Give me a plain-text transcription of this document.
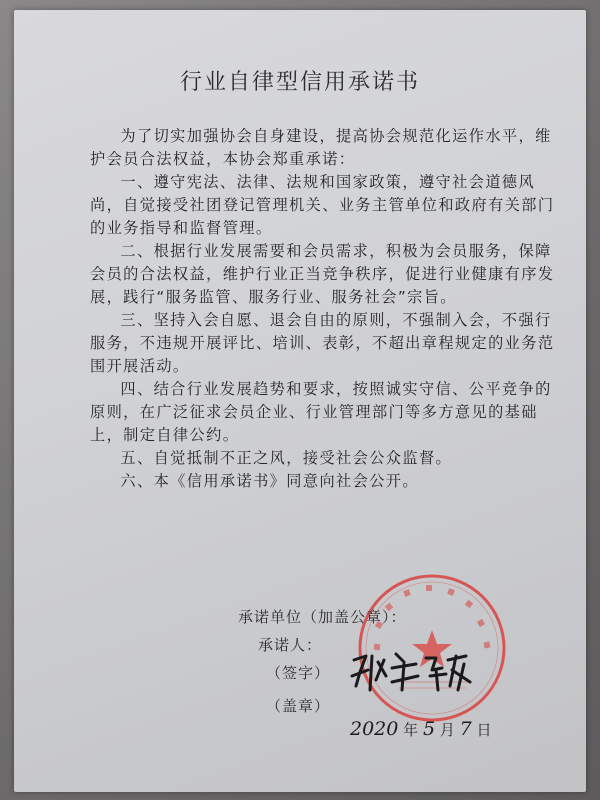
行业自律型信用承诺书

为了切实加强协会自身建设，提高协会规范化运作水平，维护会员合法权益，本协会郑重承诺：

一、遵守宪法、法律、法规和国家政策，遵守社会道德风尚，自觉接受社团登记管理机关、业务主管单位和政府有关部门的业务指导和监督管理。

二、根据行业发展需要和会员需求，积极为会员服务，保障会员的合法权益，维护行业正当竞争秩序，促进行业健康有序发展，践行“服务监管、服务行业、服务社会”宗旨。

三、坚持入会自愿、退会自由的原则，不强制入会，不强行服务，不违规开展评比、培训、表彰，不超出章程规定的业务范围开展活动。

四、结合行业发展趋势和要求，按照诚实守信、公平竞争的原则，在广泛征求会员企业、行业管理部门等多方意见的基础上，制定自律公约。

五、自觉抵制不正之风，接受社会公众监督。

六、本《信用承诺书》同意向社会公开。

承诺单位（加盖公章）：
承诺人：
（签字）
（盖章）
2020 年 5 月 7 日
